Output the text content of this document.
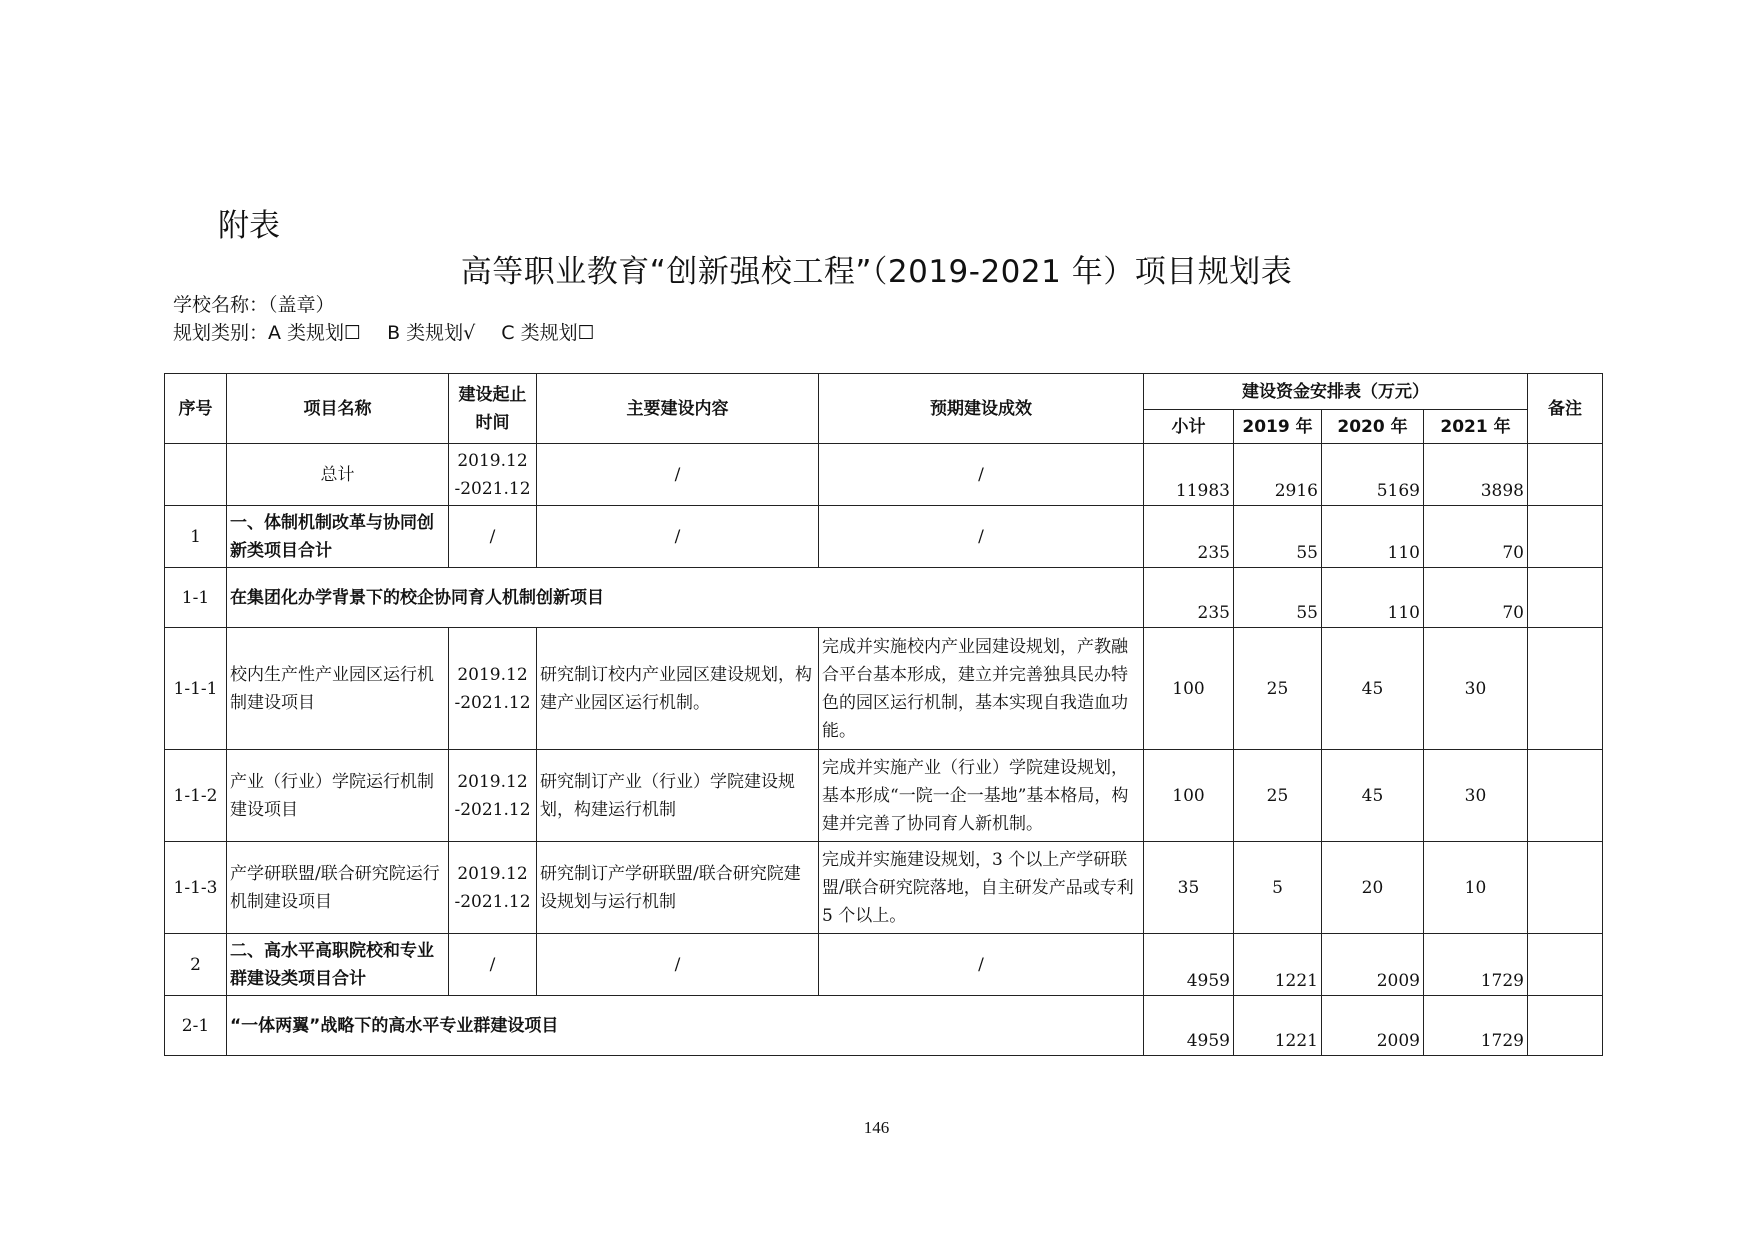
附表
高等职业教育“创新强校工程”（2019-2021 年）项目规划表
学校名称：（盖章）
规划类别：A 类规划☐ B 类规划√ C 类规划☐
序号	项目名称	建设起止
时间	主要建设内容	预期建设成效	建设资金安排表（万元）				备注
					小计	2019 年	2020 年	2021 年	
	总计	2019.12
-2021.12	/	/	11983	2916	5169	3898	
1	一、体制机制改革与协同创新类项目合计	/	/	/	235	55	110	70	
1-1	在集团化办学背景下的校企协同育人机制创新项目				235	55	110	70	
1-1-1	校内生产性产业园区运行机制建设项目	2019.12
-2021.12	研究制订校内产业园区建设规划，构建产业园区运行机制。	完成并实施校内产业园建设规划，产教融合平台基本形成，建立并完善独具民办特色的园区运行机制，基本实现自我造血功能。	100	25	45	30	
1-1-2	产业（行业）学院运行机制建设项目	2019.12
-2021.12	研究制订产业（行业）学院建设规划，构建运行机制	完成并实施产业（行业）学院建设规划，基本形成“一院一企一基地”基本格局，构建并完善了协同育人新机制。	100	25	45	30	
1-1-3	产学研联盟/联合研究院运行机制建设项目	2019.12
-2021.12	研究制订产学研联盟/联合研究院建设规划与运行机制	完成并实施建设规划，3 个以上产学研联盟/联合研究院落地，自主研发产品或专利 5 个以上。	35	5	20	10	
2	二、高水平高职院校和专业群建设类项目合计	/	/	/	4959	1221	2009	1729	
2-1	“一体两翼”战略下的高水平专业群建设项目				4959	1221	2009	1729	
146
